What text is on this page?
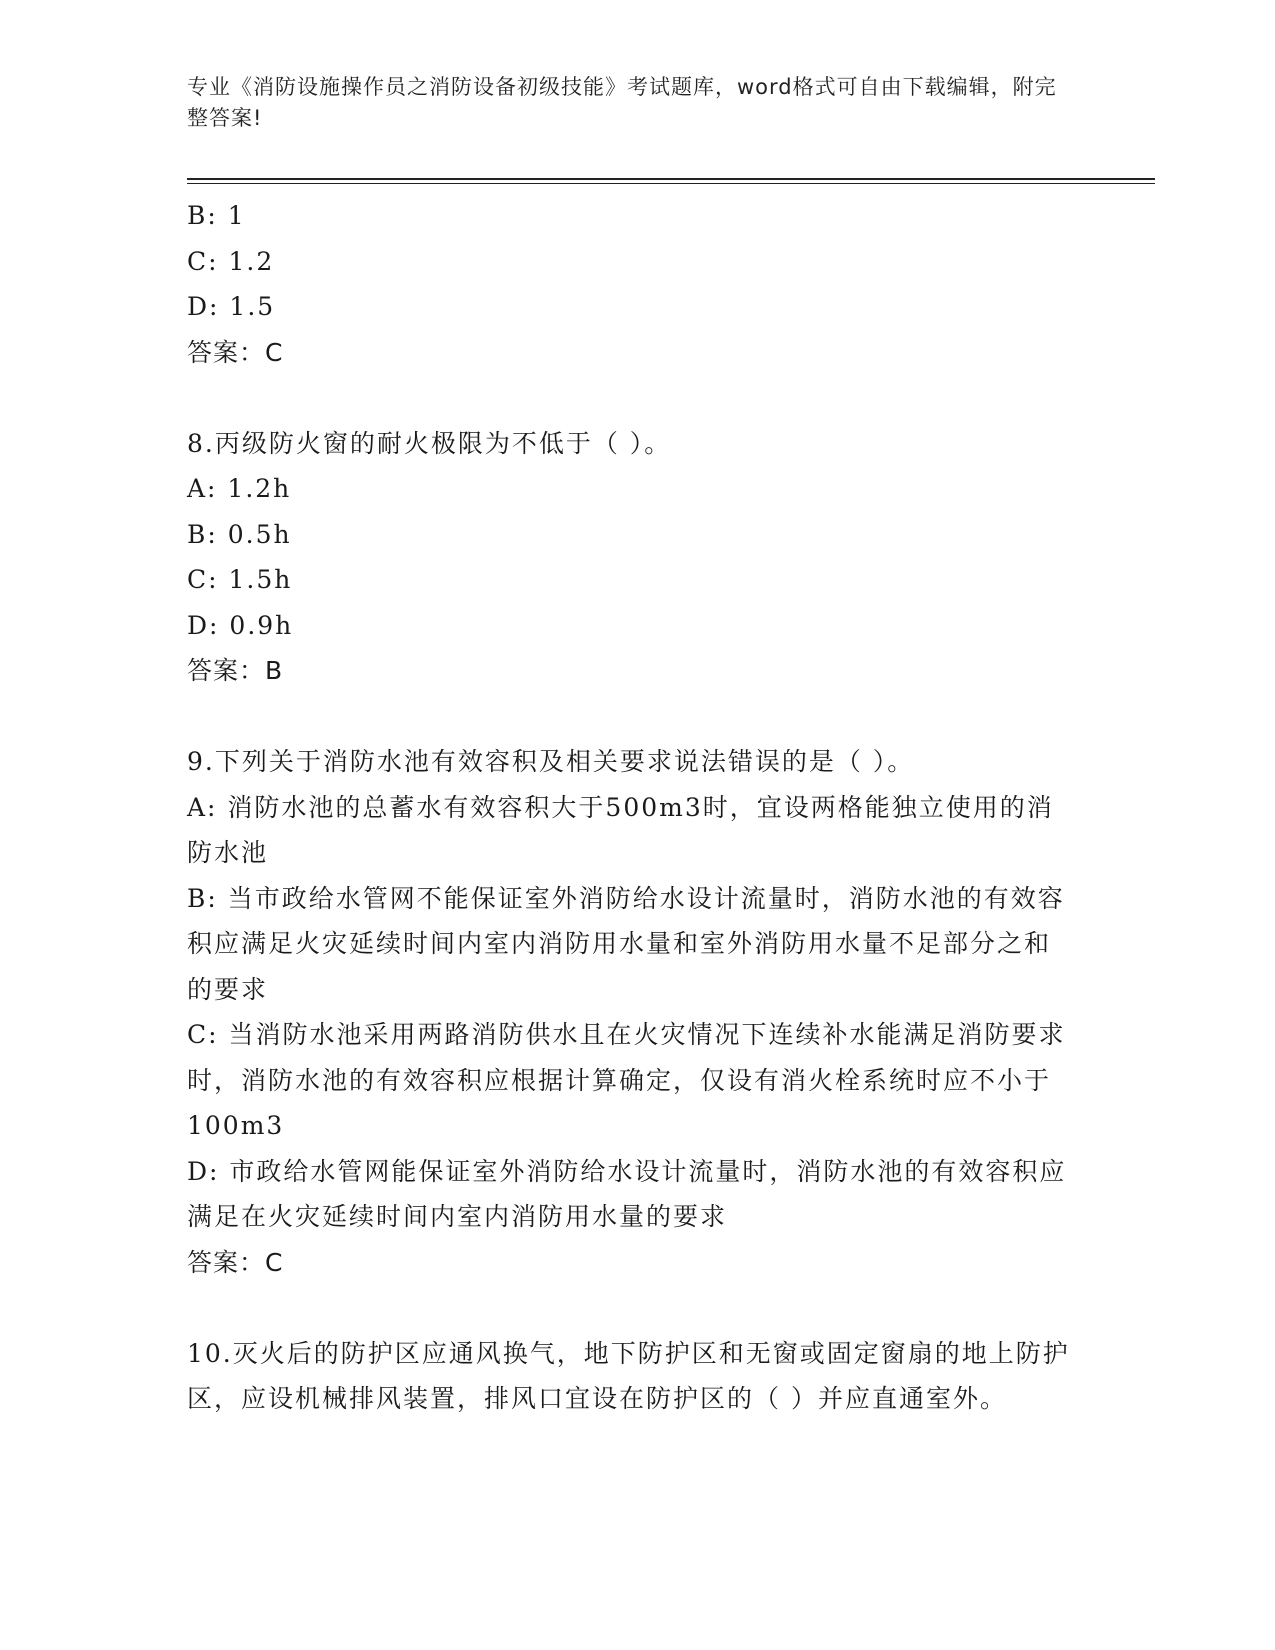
专业《消防设施操作员之消防设备初级技能》考试题库，word格式可自由下载编辑，附完整答案!
B: 1
C: 1.2
D: 1.5
答案：C
8.丙级防火窗的耐火极限为不低于（ ）。
A: 1.2h
B: 0.5h
C: 1.5h
D: 0.9h
答案：B
9.下列关于消防水池有效容积及相关要求说法错误的是（ ）。
A: 消防水池的总蓄水有效容积大于500m3时，宜设两格能独立使用的消防水池
B: 当市政给水管网不能保证室外消防给水设计流量时，消防水池的有效容积应满足火灾延续时间内室内消防用水量和室外消防用水量不足部分之和的要求
C: 当消防水池采用两路消防供水且在火灾情况下连续补水能满足消防要求时，消防水池的有效容积应根据计算确定，仅设有消火栓系统时应不小于100m3
D: 市政给水管网能保证室外消防给水设计流量时，消防水池的有效容积应满足在火灾延续时间内室内消防用水量的要求
答案：C
10.灭火后的防护区应通风换气，地下防护区和无窗或固定窗扇的地上防护区，应设机械排风装置，排风口宜设在防护区的（ ）并应直通室外。
